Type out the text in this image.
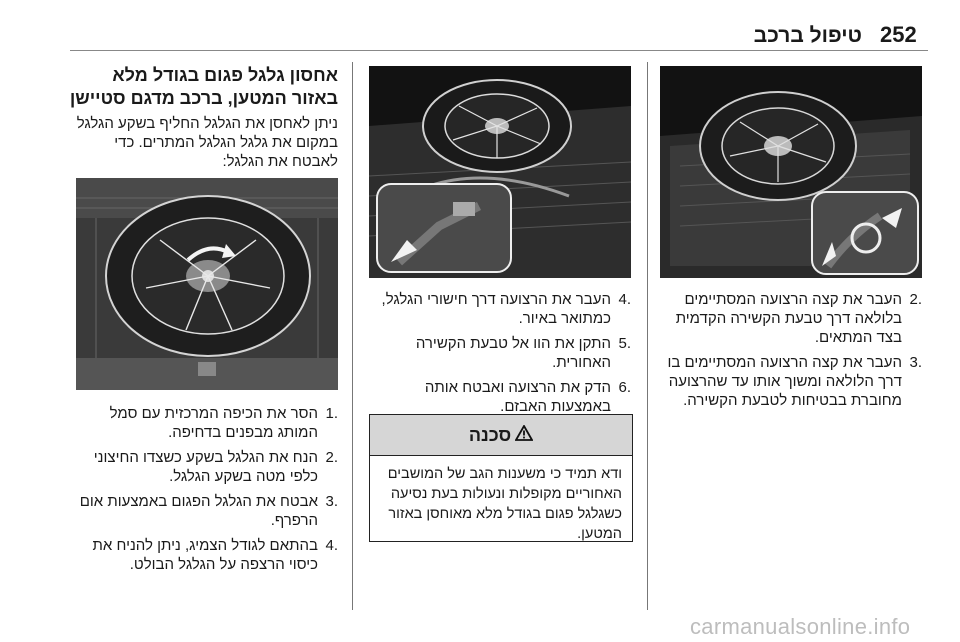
252
טיפול ברכב
.2
העבר את קצה הרצועה המסתיימים בלולאה דרך טבעת הקשירה הקדמית בצד המתאים.
.3
העבר את קצה הרצועה המסתיימים בו דרך הלולאה ומשוך אותו עד שהרצועה מחוברת בבטיחות לטבעת הקשירה.
.4
העבר את הרצועה דרך חישורי הגלגל, כמתואר באיור.
.5
התקן את הוו אל טבעת הקשירה האחורית.
.6
הדק את הרצועה ואבטח אותה באמצעות האבזם.
סכנה
ודא תמיד כי משענות הגב של המושבים האחוריים מקופלות ונעולות בעת נסיעה כשגלגל פגום בגודל מלא מאוחסן באזור המטען.
אחסון גלגל פגום בגודל מלא באזור המטען, ברכב מדגם סטיישן
ניתן לאחסן את הגלגל החליף בשקע הגלגל במקום את גלגל הגלגל המתרים. כדי לאבטח את הגלגל:
.1
הסר את הכיפה המרכזית עם סמל המותג מבפנים בדחיפה.
.2
הנח את הגלגל בשקע כשצדו החיצוני כלפי מטה בשקע הגלגל.
.3
אבטח את הגלגל הפגום באמצעות אום הרפרף.
.4
בהתאם לגודל הצמיג, ניתן להניח את כיסוי הרצפה על הגלגל הבולט.
carmanualsonline.info
